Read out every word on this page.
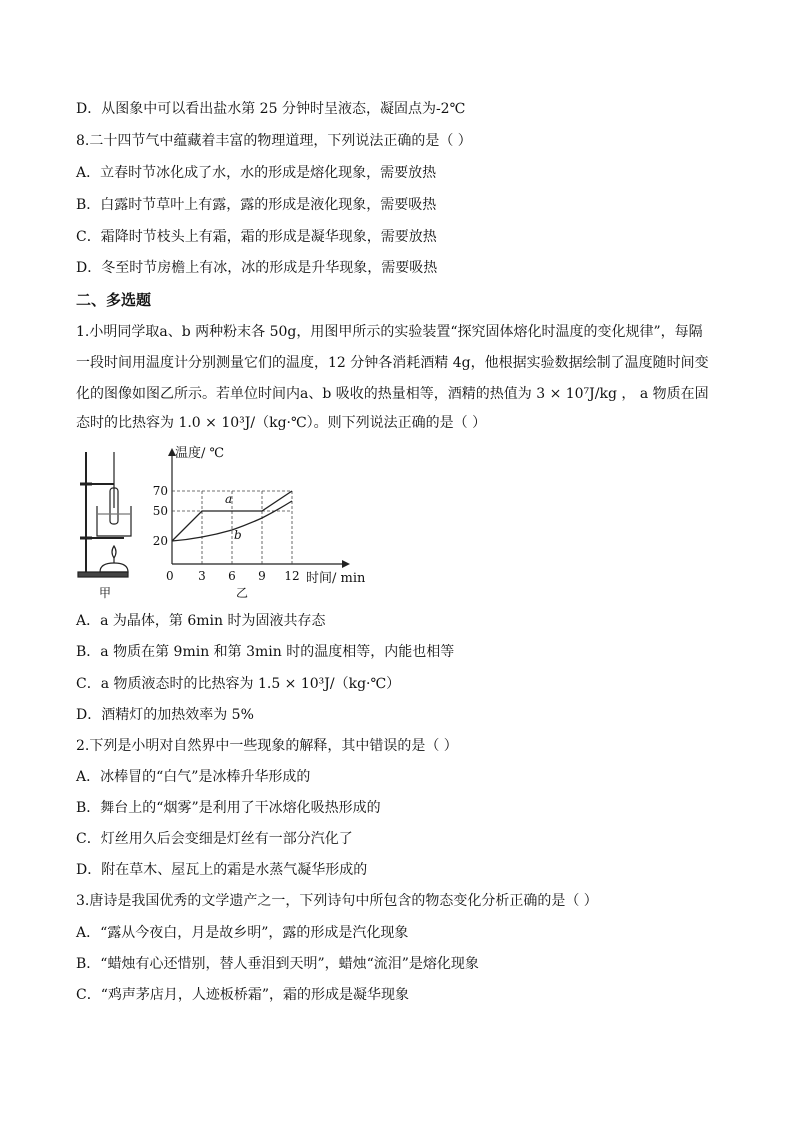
D．从图象中可以看出盐水第 25 分钟时呈液态，凝固点为-2℃
8.二十四节气中蕴藏着丰富的物理道理，下列说法正确的是（ ）
A．立春时节冰化成了水，水的形成是熔化现象，需要放热
B．白露时节草叶上有露，露的形成是液化现象，需要吸热
C．霜降时节枝头上有霜，霜的形成是凝华现象，需要放热
D．冬至时节房檐上有冰，冰的形成是升华现象，需要吸热
二、多选题
1.小明同学取a、b 两种粉末各 50g，用图甲所示的实验装置“探究固体熔化时温度的变化规律”，每隔
一段时间用温度计分别测量它们的温度，12 分钟各消耗酒精 4g，他根据实验数据绘制了温度随时间变
化的图像如图乙所示。若单位时间内a、b 吸收的热量相等，酒精的热值为 3 × 10⁷J/kg ， a 物质在固
态时的比热容为 1.0 × 10³J/（kg·℃）。则下列说法正确的是（ ）
甲
3 6 9 12
20
50
70
温度/ ℃
时间/ min
0
a
b
乙
A．a 为晶体，第 6min 时为固液共存态
B．a 物质在第 9min 和第 3min 时的温度相等，内能也相等
C．a 物质液态时的比热容为 1.5 × 10³J/（kg·℃）
D．酒精灯的加热效率为 5%
2.下列是小明对自然界中一些现象的解释，其中错误的是（ ）
A．冰棒冒的“白气”是冰棒升华形成的
B．舞台上的“烟雾”是利用了干冰熔化吸热形成的
C．灯丝用久后会变细是灯丝有一部分汽化了
D．附在草木、屋瓦上的霜是水蒸气凝华形成的
3.唐诗是我国优秀的文学遗产之一，下列诗句中所包含的物态变化分析正确的是（ ）
A．“露从今夜白，月是故乡明”，露的形成是汽化现象
B．“蜡烛有心还惜别，替人垂泪到天明”，蜡烛“流泪”是熔化现象
C．“鸡声茅店月，人迹板桥霜”，霜的形成是凝华现象
